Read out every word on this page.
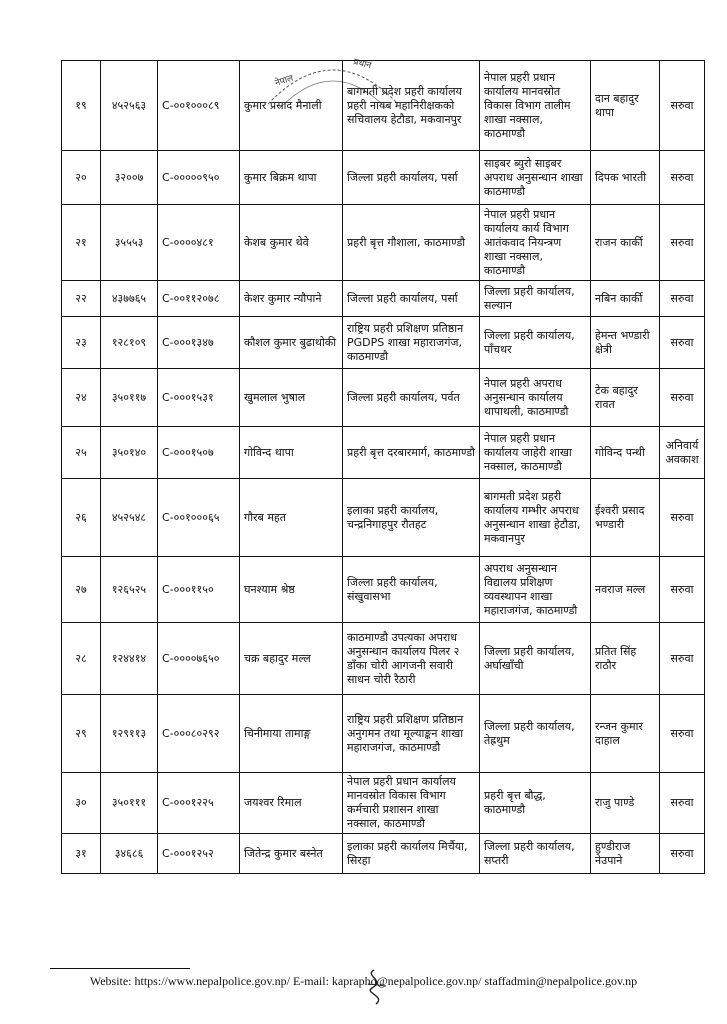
नेपाल
प्रधान
१९	४५२५६३	C-००१०००८९	कुमार प्रसाद मैनाली	बागमती प्रदेश प्रहरी कार्यालय प्रहरी नायब महानिरीक्षकको सचिवालय हेटौडा, मकवानपुर	नेपाल प्रहरी प्रधान कार्यालय मानवस्रोत विकास विभाग तालीम शाखा नक्साल, काठमाण्डौ	दान बहादुर थापा	सरुवा
२०	३२००७	C-०००००९५०	कुमार बिक्रम थापा	जिल्ला प्रहरी कार्यालय, पर्सा	साइबर ब्युरो साइबर अपराध अनुसन्धान शाखा काठमाण्डौ	दिपक भारती	सरुवा
२१	३५५५३	C-००००४८१	केशब कुमार थेवे	प्रहरी बृत्त गौशाला, काठमाण्डौ	नेपाल प्रहरी प्रधान कार्यालय कार्य विभाग आतंकवाद नियन्त्रण शाखा नक्साल, काठमाण्डौ	राजन कार्की	सरुवा
२२	४३७७६५	C-००११२०७८	केशर कुमार न्यौपाने	जिल्ला प्रहरी कार्यालय, पर्सा	जिल्ला प्रहरी कार्यालय, सल्यान	नबिन कार्की	सरुवा
२३	१२८१०९	C-०००१३४७	कौशल कुमार बुढाथोकी	राष्ट्रिय प्रहरी प्रशिक्षण प्रतिष्ठान PGDPS शाखा महाराजगंज, काठमाण्डौ	जिल्ला प्रहरी कार्यालय, पाँचथर	हेमन्त भण्डारी क्षेत्री	सरुवा
२४	३५०११७	C-०००१५३१	खुमलाल भुषाल	जिल्ला प्रहरी कार्यालय, पर्वत	नेपाल प्रहरी अपराध अनुसन्धान कार्यालय थापाथली, काठमाण्डौ	टेक बहादुर रावत	सरुवा
२५	३५०१४०	C-०००१५०७	गोविन्द थापा	प्रहरी बृत्त दरबारमार्ग, काठमाण्डौ	नेपाल प्रहरी प्रधान कार्यालय जाहेरी शाखा नक्साल, काठमाण्डौ	गोविन्द पन्थी	अनिवार्य अवकाश
२६	४५२५४८	C-००१०००६५	गौरब महत	इलाका प्रहरी कार्यालय, चन्द्रनिगाहपुर रौतहट	बागमती प्रदेश प्रहरी कार्यालय गम्भीर अपराध अनुसन्धान शाखा हेटौडा, मकवानपुर	ईश्वरी प्रसाद भण्डारी	सरुवा
२७	१२६५२५	C-०००११५०	घनश्याम श्रेष्ठ	जिल्ला प्रहरी कार्यालय, संखुवासभा	अपराध अनुसन्धान विद्यालय प्रशिक्षण व्यवस्थापन शाखा महाराजगंज, काठमाण्डौ	नवराज मल्ल	सरुवा
२८	१२४४१४	C-००००७६५०	चक्र बहादुर मल्ल	काठमाण्डौ उपत्यका अपराध अनुसन्धान कार्यालय पिलर २ डाँका चोरी आगजनी सवारी साधन चोरी रैठारी	जिल्ला प्रहरी कार्यालय, अर्घाखाँची	प्रतित सिंह राठौर	सरुवा
२९	१२९११३	C-०००८०२९२	चिनीमाया तामाङ्ग	राष्ट्रिय प्रहरी प्रशिक्षण प्रतिष्ठान अनुगमन तथा मूल्याङ्कन शाखा महाराजगंज, काठमाण्डौ	जिल्ला प्रहरी कार्यालय, तेह्रथुम	रन्जन कुमार दाहाल	सरुवा
३०	३५०१११	C-०००१२२५	जयश्वर रिमाल	नेपाल प्रहरी प्रधान कार्यालय मानवस्रोत विकास विभाग कर्मचारी प्रशासन शाखा नक्साल, काठमाण्डौ	प्रहरी बृत्त बौद्ध, काठमाण्डौ	राजु पाण्डे	सरुवा
३१	३४६८६	C-०००१२५२	जितेन्द्र कुमार बस्नेत	इलाका प्रहरी कार्यालय मिर्चैया, सिरहा	जिल्ला प्रहरी कार्यालय, सप्तरी	हुण्डीराज नेउपाने	सरुवा
Website: https://www.nepalpolice.gov.np/ E-mail: kaprapho@nepalpolice.gov.np/ staffadmin@nepalpolice.gov.np
